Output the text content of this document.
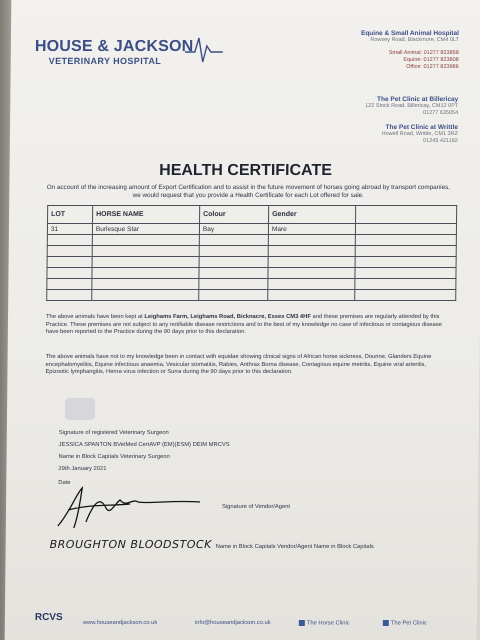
HOUSE & JACKSON
VETERINARY HOSPITAL
Equine & Small Animal Hospital
Rowsey Road, Blackmore, CM4 0LT
Small Animal: 01277 823858
Equine: 01277 823808
Office: 01277 823986
The Pet Clinic at Billericay
122 Stock Road, Billericay, CM12 0PT
01277 635054
The Pet Clinic at Writtle
Howell Road, Writtle, CM1 3RZ
01245 421162
HEALTH CERTIFICATE
On account of the increasing amount of Export Certification and to assist in the future movement of horses going abroad by transport companies, we would request that you provide a Health Certificate for each Lot offered for sale.
LOT	HORSE NAME	Colour	Gender	
31	Burlesque Star	Bay	Mare	

The above animals have been kept at Leighams Farm, Leighams Road, Bicknacre, Essex CM3 4HF and these premises are regularly attended by this Practice. These premises are not subject to any notifiable disease restrictions and to the best of my knowledge no case of infectious or contagious disease have been reported to the Practice during the 90 days prior to this declaration.
The above animals have not to my knowledge been in contact with equidae showing clinical signs of African horse sickness, Dourine, Glanders Equine encephalomyelitis, Equine infectious anaemia, Vesicular stomatitis, Rabies, Anthrax Borna disease, Contagious equine metritis, Equine viral arteritis, Epizootic lymphangitis, Henra virus infection or Surra during the 90 days prior to this declaration.
Signature of registered Veterinary Surgeon
JESSICA SPANTON BVetMed CertAVP (EM)(ESM) DEIM MRCVS
Name in Block Capitals Veterinary Surgeon
29th January 2021
Date
Signature of Vendor/Agent
BROUGHTON BLOODSTOCK Name in Block Capitals Vendor/Agent Name in Block Capitals
RCVS	www.houseandjackson.co.uk	info@houseandjackson.co.uk	The Horse Clinic	The Pet Clinic
